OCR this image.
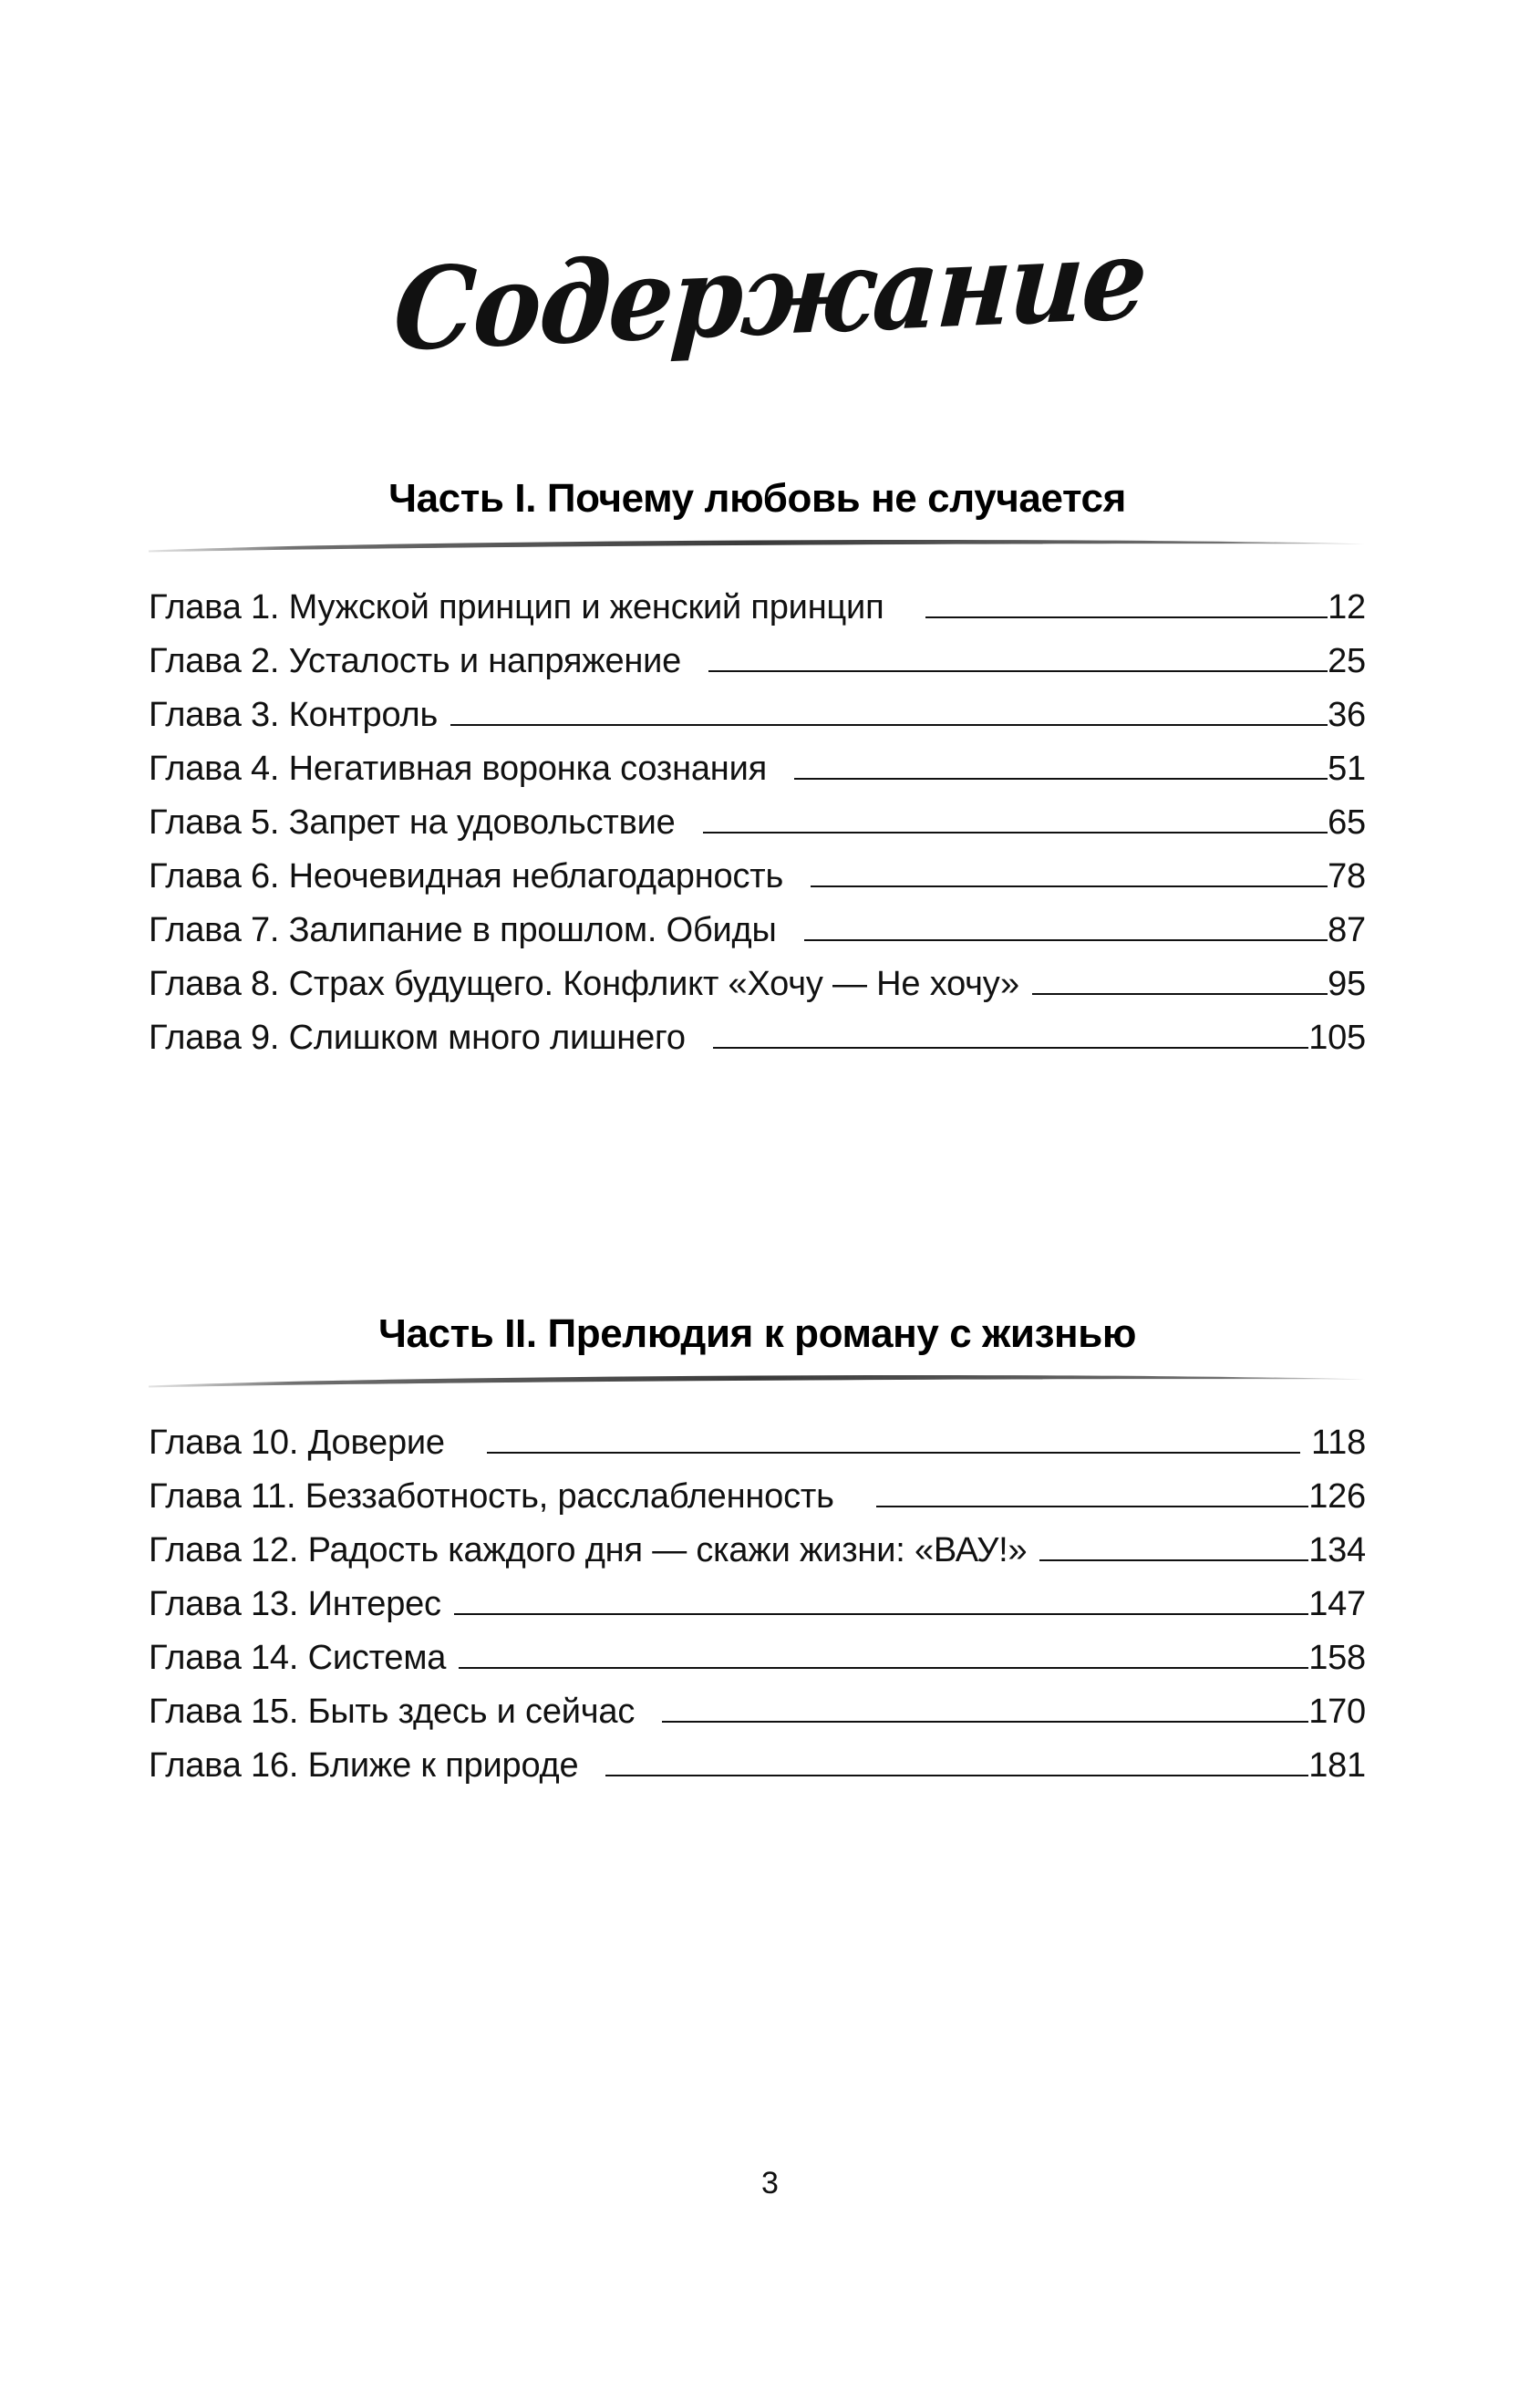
Содержание
Часть I. Почему любовь не случается
Глава 1. Мужской принцип и женский принцип	12
Глава 2. Усталость и напряжение	25
Глава 3. Контроль	36
Глава 4. Негативная воронка сознания	51
Глава 5. Запрет на удовольствие	65
Глава 6. Неочевидная неблагодарность	78
Глава 7. Залипание в прошлом. Обиды	87
Глава 8. Страх будущего. Конфликт «Хочу — Не хочу»	95
Глава 9. Слишком много лишнего	105
Часть II. Прелюдия к роману с жизнью
Глава 10. Доверие	118
Глава 11. Беззаботность, расслабленность	126
Глава 12. Радость каждого дня — скажи жизни: «ВАУ!»	134
Глава 13. Интерес	147
Глава 14. Система	158
Глава 15. Быть здесь и сейчас	170
Глава 16. Ближе к природе	181
3
